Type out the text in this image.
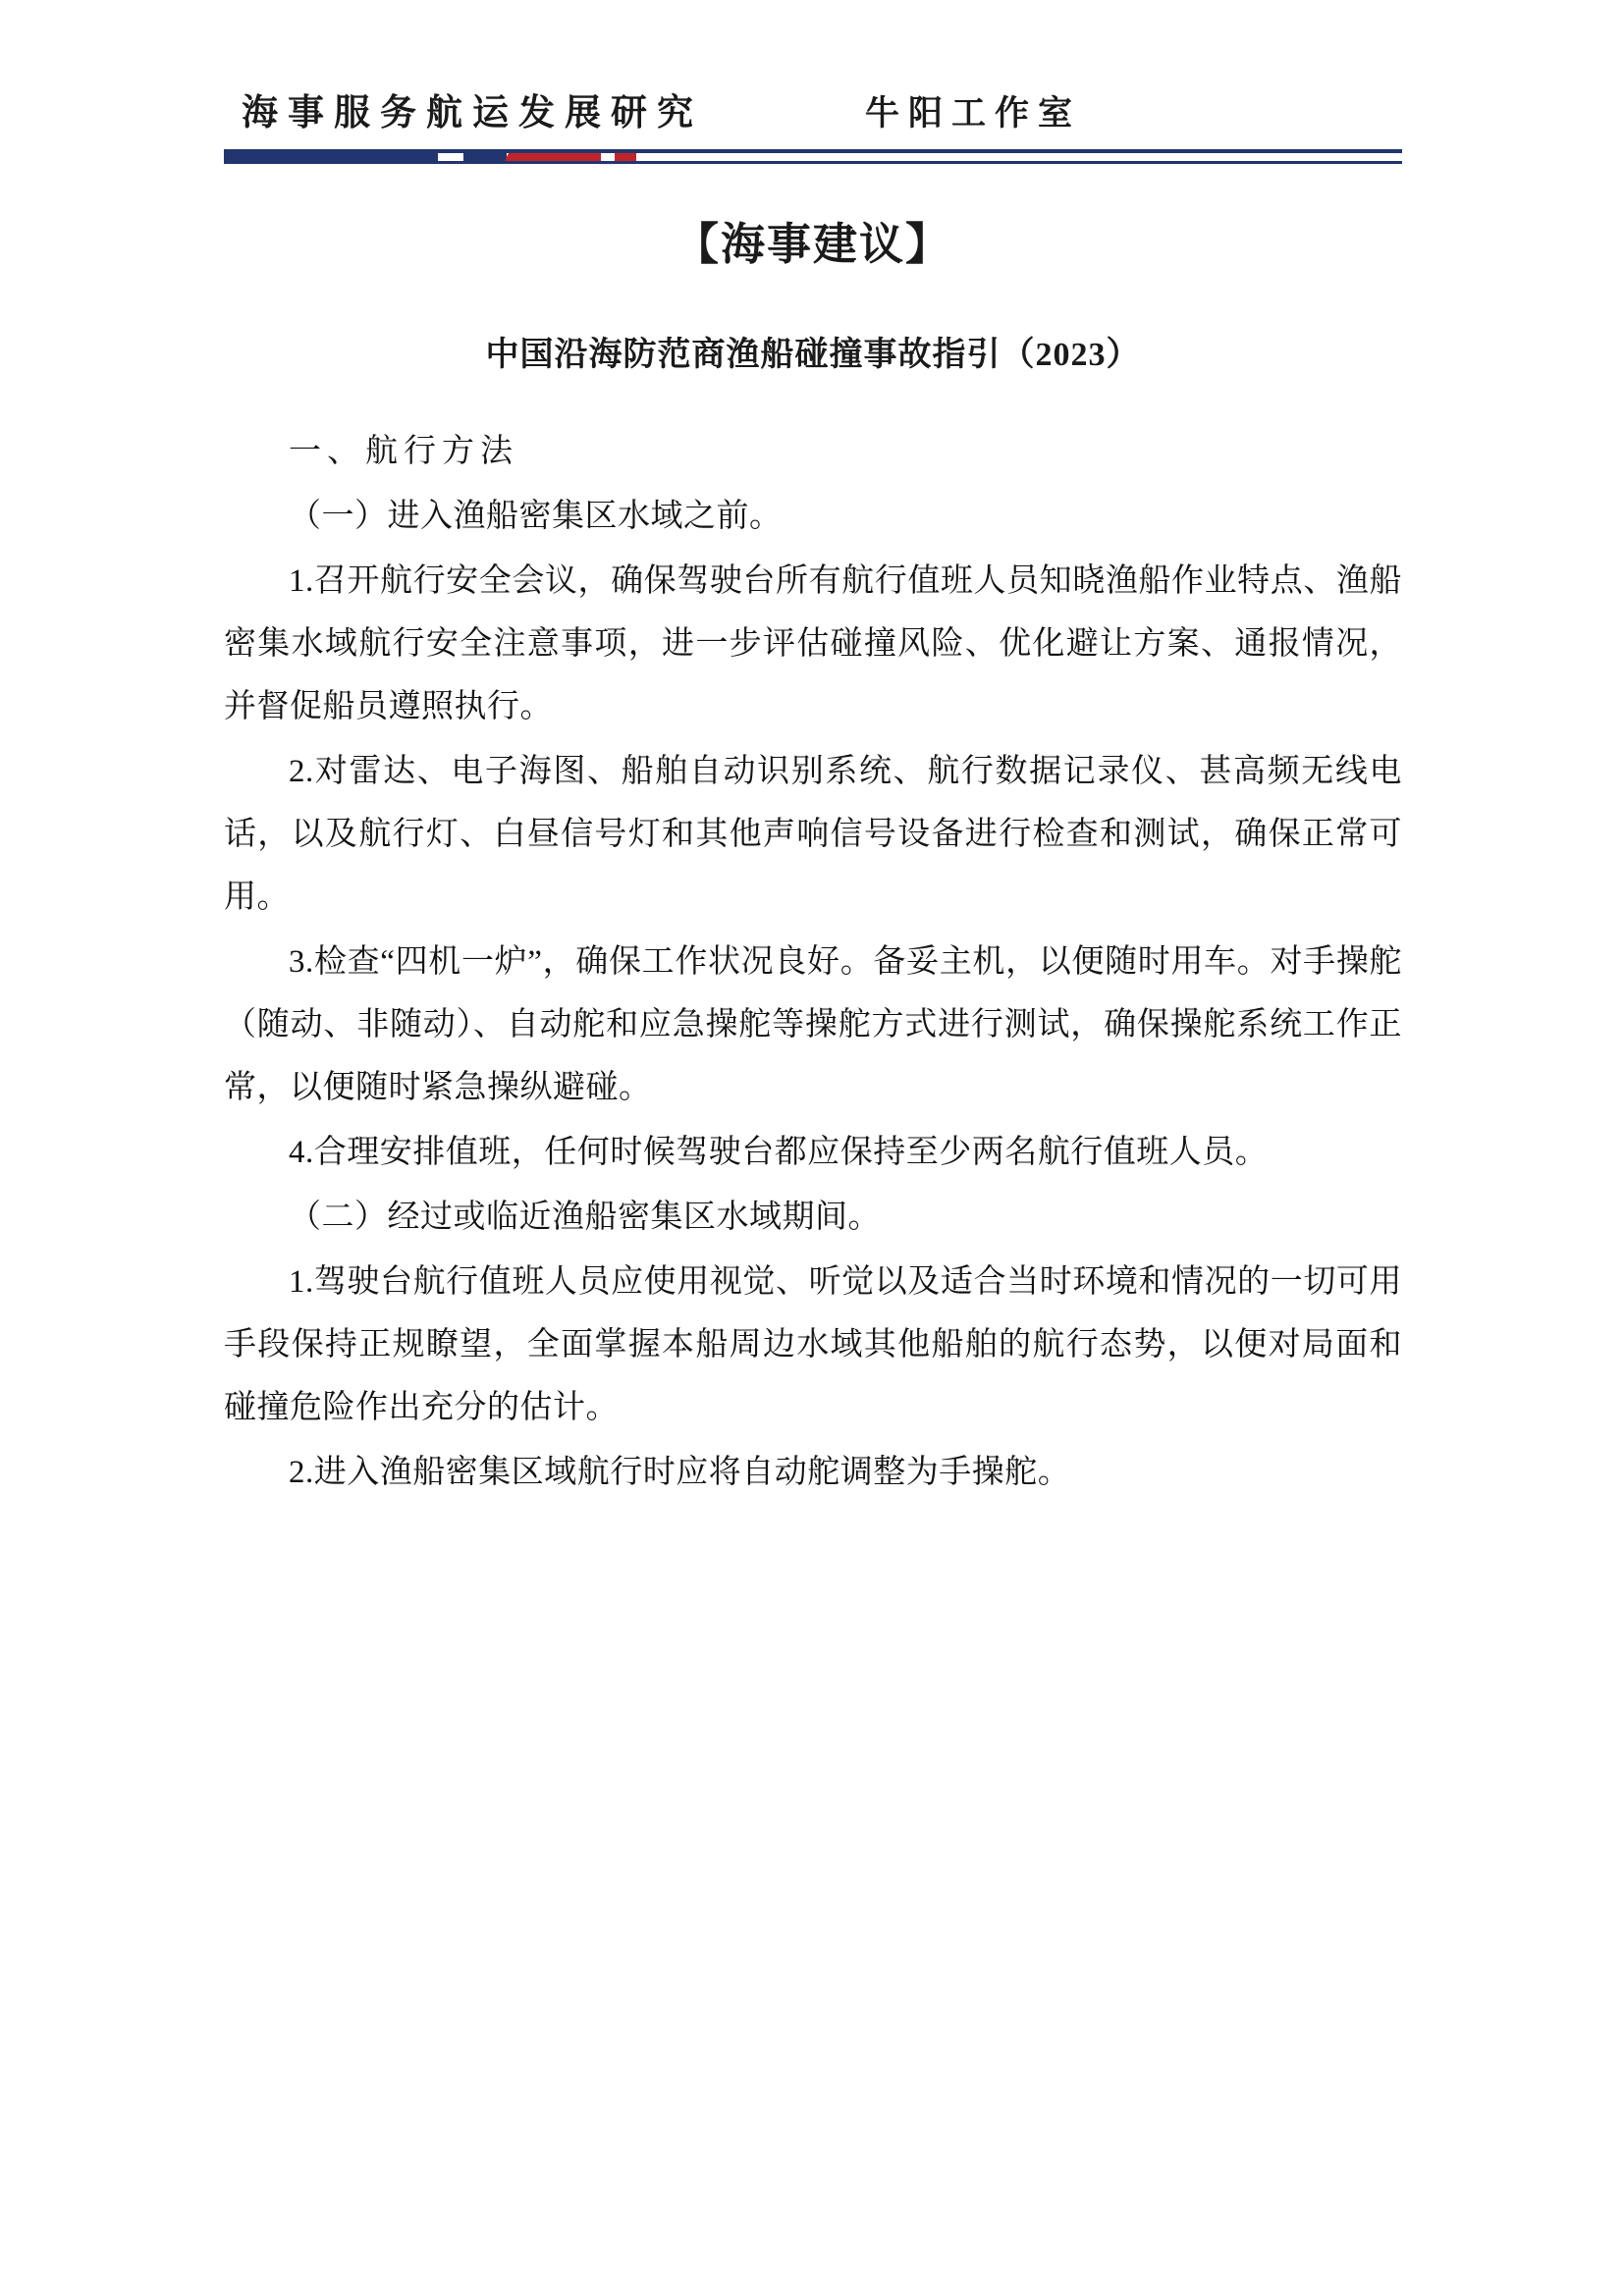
海事服务航运发展研究	牛阳工作室
【海事建议】
中国沿海防范商渔船碰撞事故指引（2023）

一、航行方法

（一）进入渔船密集区水域之前。

1.召开航行安全会议，确保驾驶台所有航行值班人员知晓渔船作业特点、渔船密集水域航行安全注意事项，进一步评估碰撞风险、优化避让方案、通报情况，并督促船员遵照执行。

2.对雷达、电子海图、船舶自动识别系统、航行数据记录仪、甚高频无线电话，以及航行灯、白昼信号灯和其他声响信号设备进行检查和测试，确保正常可用。

3.检查“四机一炉”，确保工作状况良好。备妥主机，以便随时用车。对手操舵（随动、非随动）、自动舵和应急操舵等操舵方式进行测试，确保操舵系统工作正常，以便随时紧急操纵避碰。

4.合理安排值班，任何时候驾驶台都应保持至少两名航行值班人员。

（二）经过或临近渔船密集区水域期间。

1.驾驶台航行值班人员应使用视觉、听觉以及适合当时环境和情况的一切可用手段保持正规瞭望，全面掌握本船周边水域其他船舶的航行态势，以便对局面和碰撞危险作出充分的估计。

2.进入渔船密集区域航行时应将自动舵调整为手操舵。
